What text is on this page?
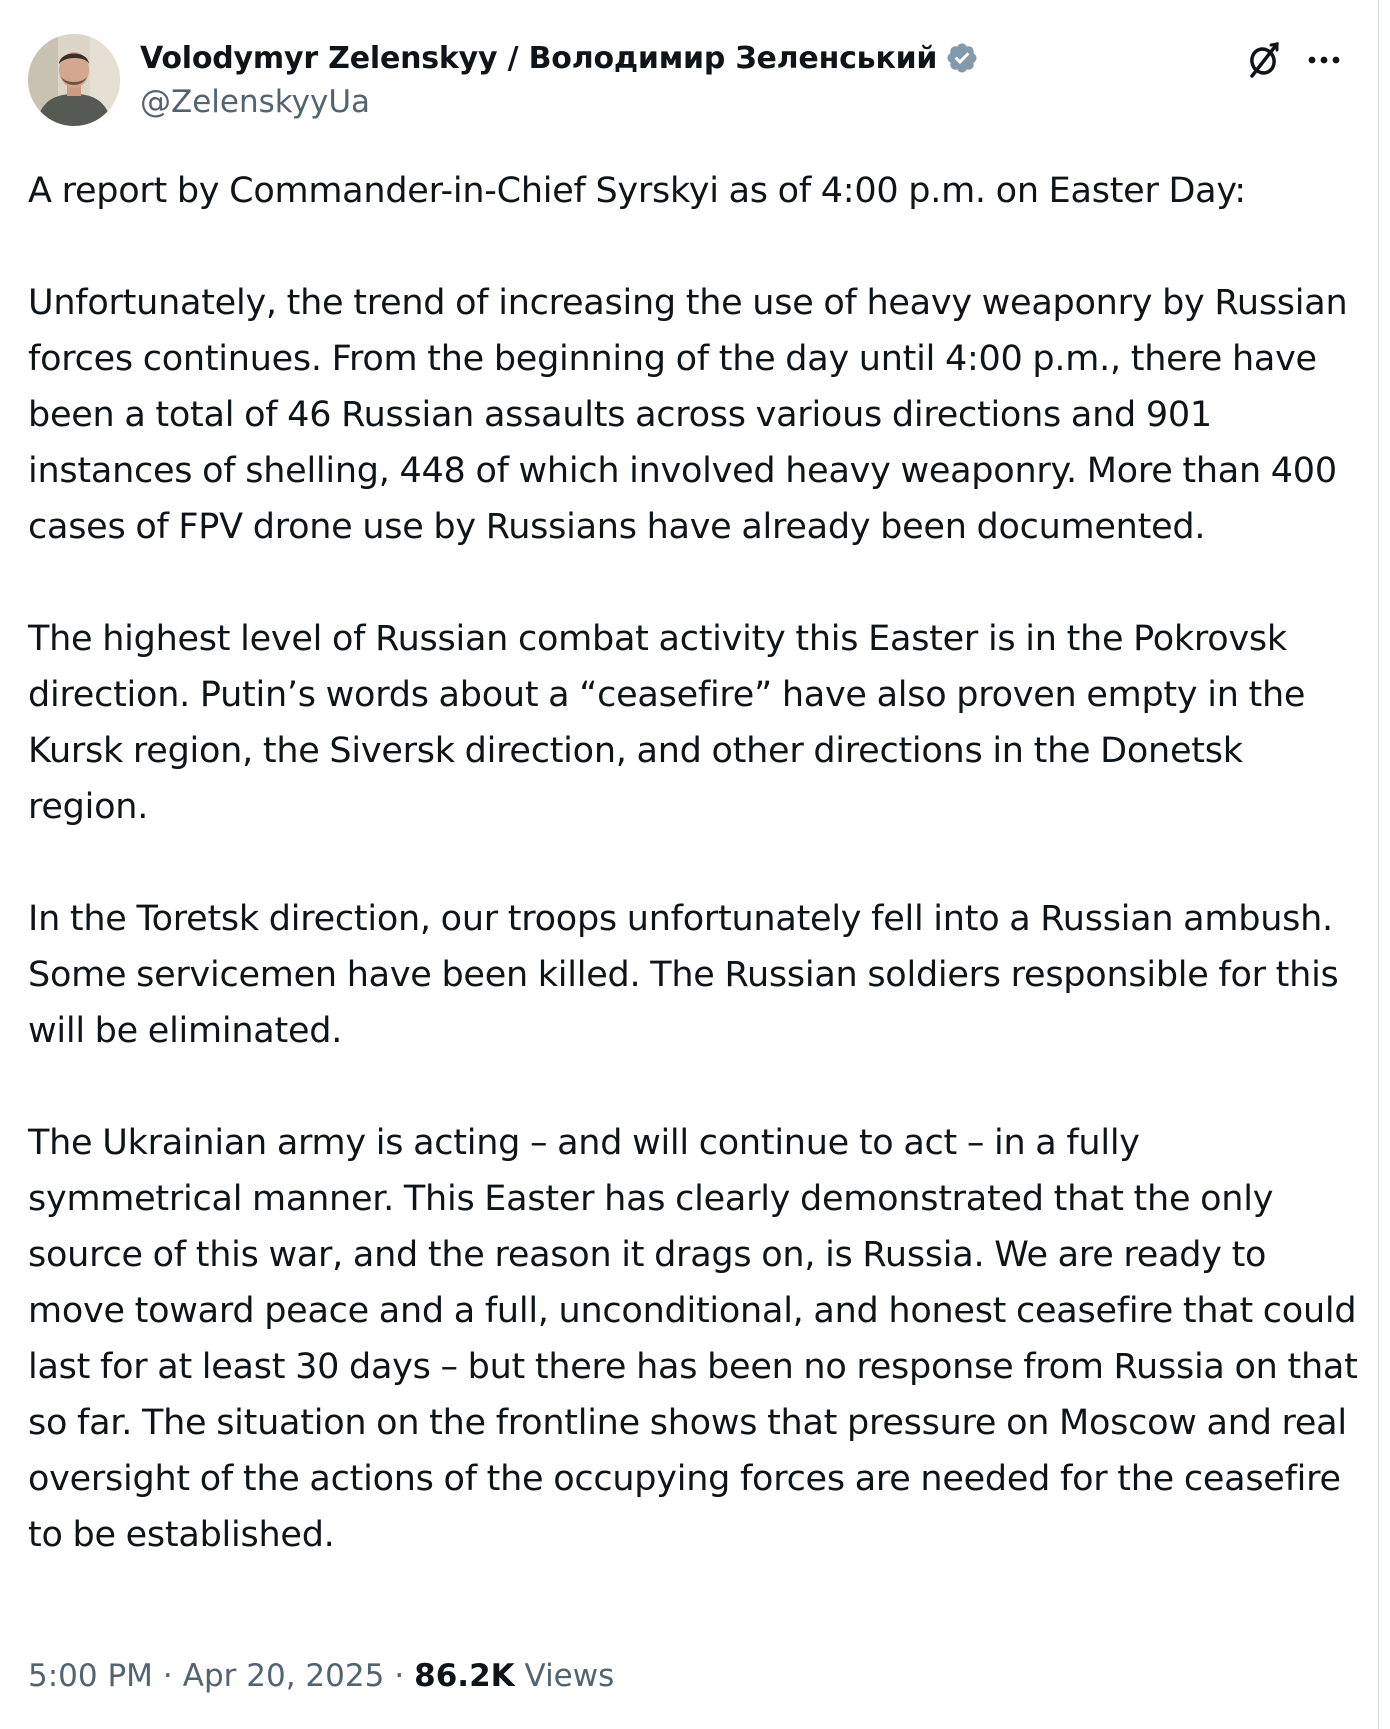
Volodymyr Zelenskyy / Володимир Зеленський
@ZelenskyyUa

A report by Commander-in-Chief Syrskyi as of 4:00 p.m. on Easter Day:

Unfortunately, the trend of increasing the use of heavy weaponry by Russian forces continues. From the beginning of the day until 4:00 p.m., there have been a total of 46 Russian assaults across various directions and 901 instances of shelling, 448 of which involved heavy weaponry. More than 400 cases of FPV drone use by Russians have already been documented.

The highest level of Russian combat activity this Easter is in the Pokrovsk direction. Putin’s words about a “ceasefire” have also proven empty in the Kursk region, the Siversk direction, and other directions in the Donetsk region.

In the Toretsk direction, our troops unfortunately fell into a Russian ambush. Some servicemen have been killed. The Russian soldiers responsible for this will be eliminated.

The Ukrainian army is acting – and will continue to act – in a fully symmetrical manner. This Easter has clearly demonstrated that the only source of this war, and the reason it drags on, is Russia. We are ready to move toward peace and a full, unconditional, and honest ceasefire that could last for at least 30 days – but there has been no response from Russia on that so far. The situation on the frontline shows that pressure on Moscow and real oversight of the actions of the occupying forces are needed for the ceasefire to be established.

5:00 PM · Apr 20, 2025 · 86.2K Views
